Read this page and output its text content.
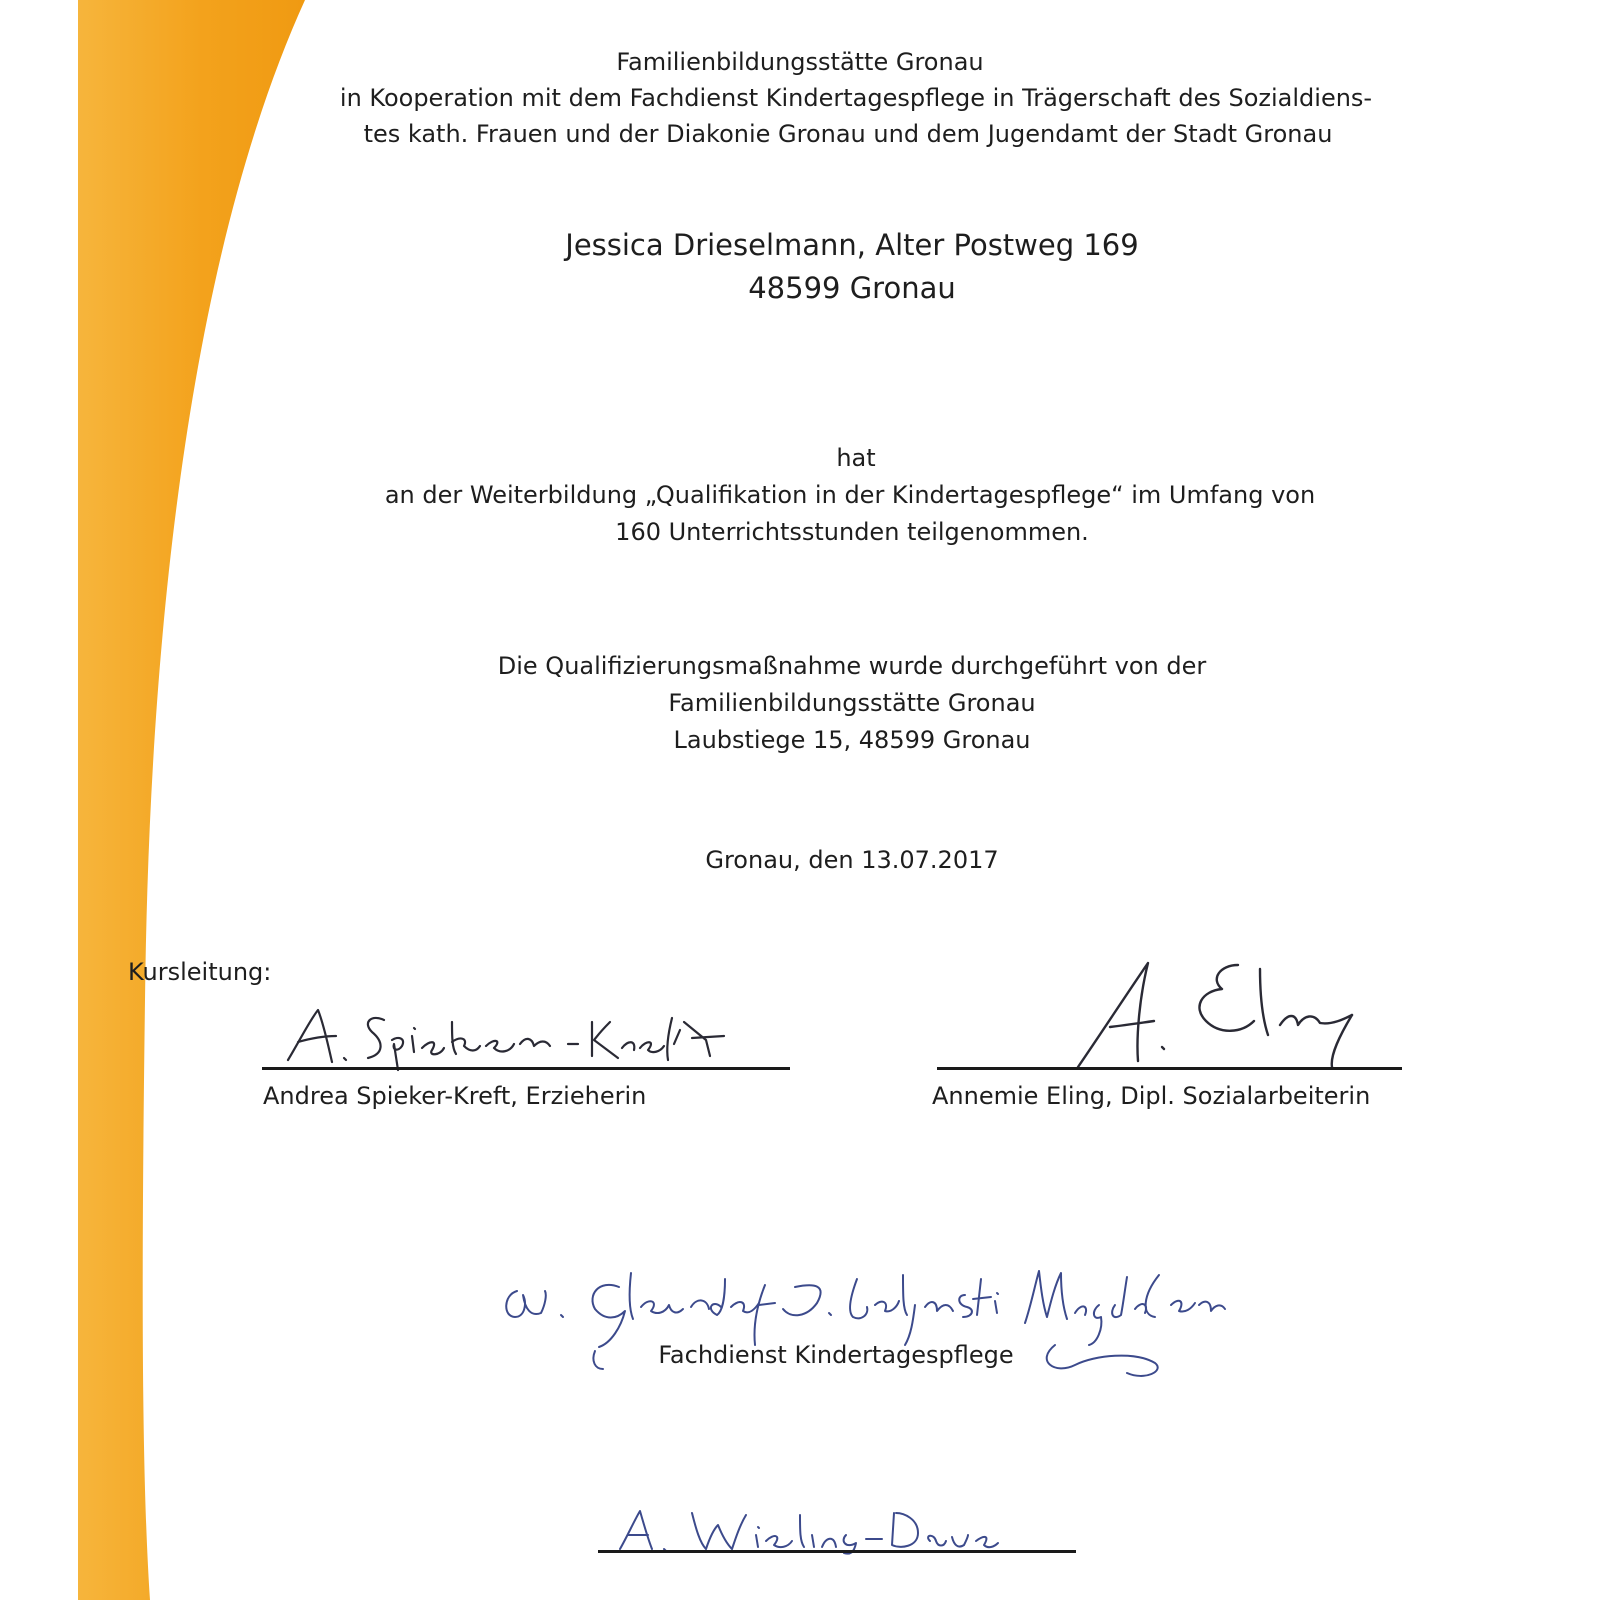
Familienbildungsstätte Gronau
in Kooperation mit dem Fachdienst Kindertagespflege in Trägerschaft des Sozialdiens-
tes kath. Frauen und der Diakonie Gronau und dem Jugendamt der Stadt Gronau
Jessica Drieselmann, Alter Postweg 169
48599 Gronau
hat
an der Weiterbildung „Qualifikation in der Kindertagespflege“ im Umfang von
160 Unterrichtsstunden teilgenommen.
Die Qualifizierungsmaßnahme wurde durchgeführt von der
Familienbildungsstätte Gronau
Laubstiege 15, 48599 Gronau
Gronau, den 13.07.2017
Kursleitung:
Andrea Spieker-Kreft, Erzieherin	Annemie Eling, Dipl. Sozialarbeiterin
Fachdienst Kindertagespflege
